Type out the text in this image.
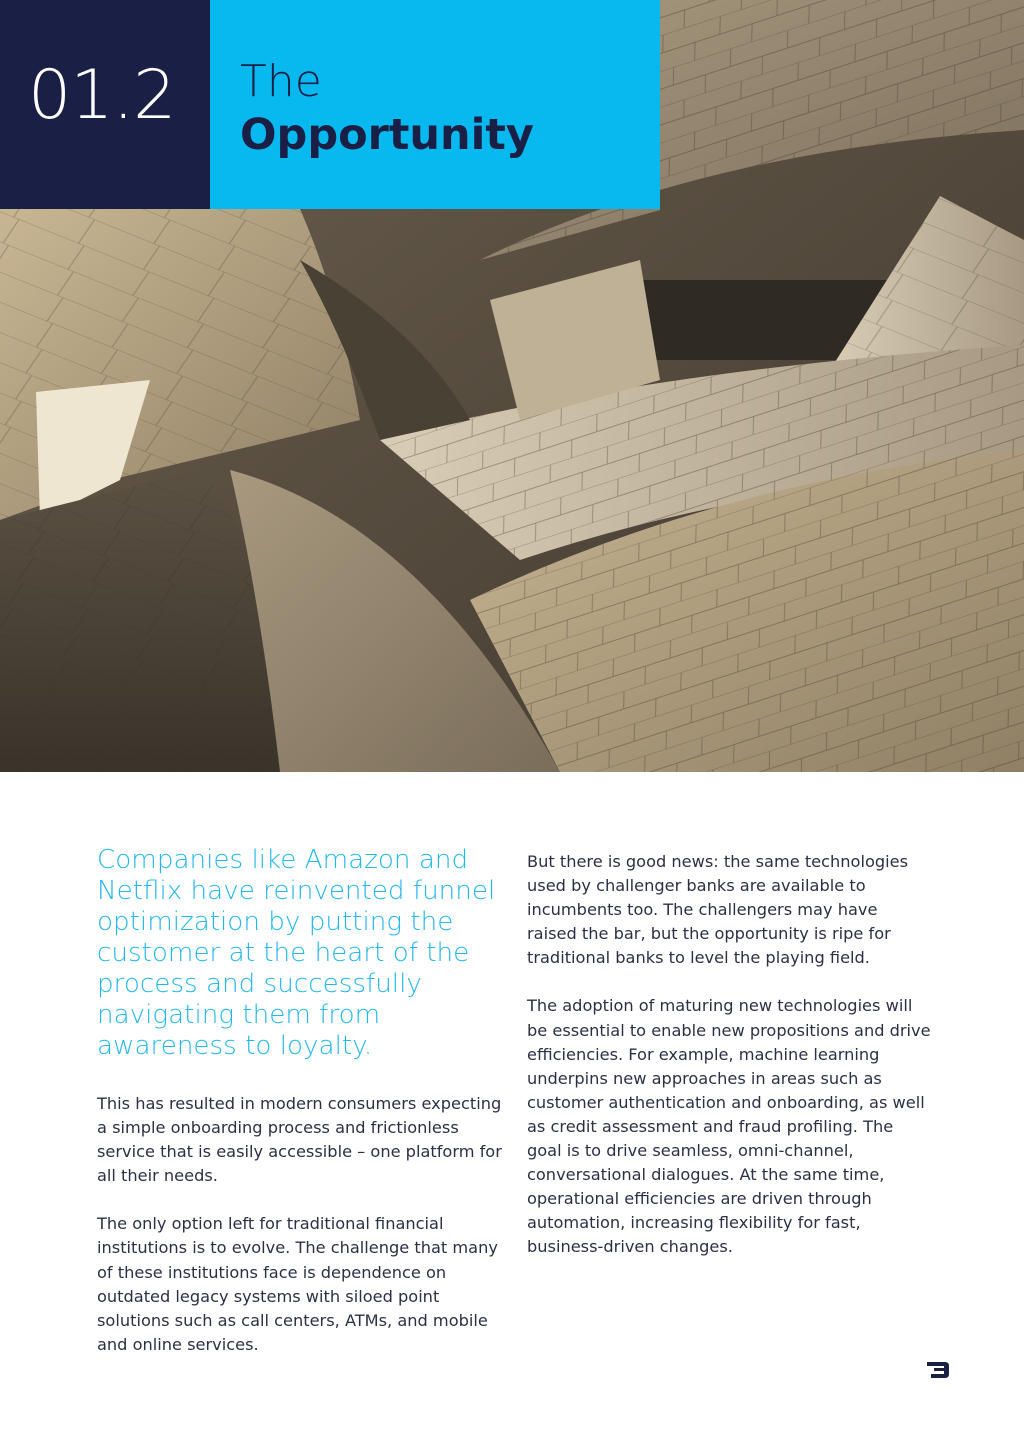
01.2 The
Opportunity

Companies like Amazon and Netflix have reinvented funnel optimization by putting the customer at the heart of the process and successfully navigating them from awareness to loyalty.

This has resulted in modern consumers expecting a simple onboarding process and frictionless service that is easily accessible – one platform for all their needs.

The only option left for traditional financial institutions is to evolve. The challenge that many of these institutions face is dependence on outdated legacy systems with siloed point solutions such as call centers, ATMs, and mobile and online services.

But there is good news: the same technologies used by challenger banks are available to incumbents too. The challengers may have raised the bar, but the opportunity is ripe for traditional banks to level the playing field.

The adoption of maturing new technologies will be essential to enable new propositions and drive efficiencies. For example, machine learning underpins new approaches in areas such as customer authentication and onboarding, as well as credit assessment and fraud profiling. The goal is to drive seamless, omni-channel, conversational dialogues. At the same time, operational efficiencies are driven through automation, increasing flexibility for fast, business-driven changes.
